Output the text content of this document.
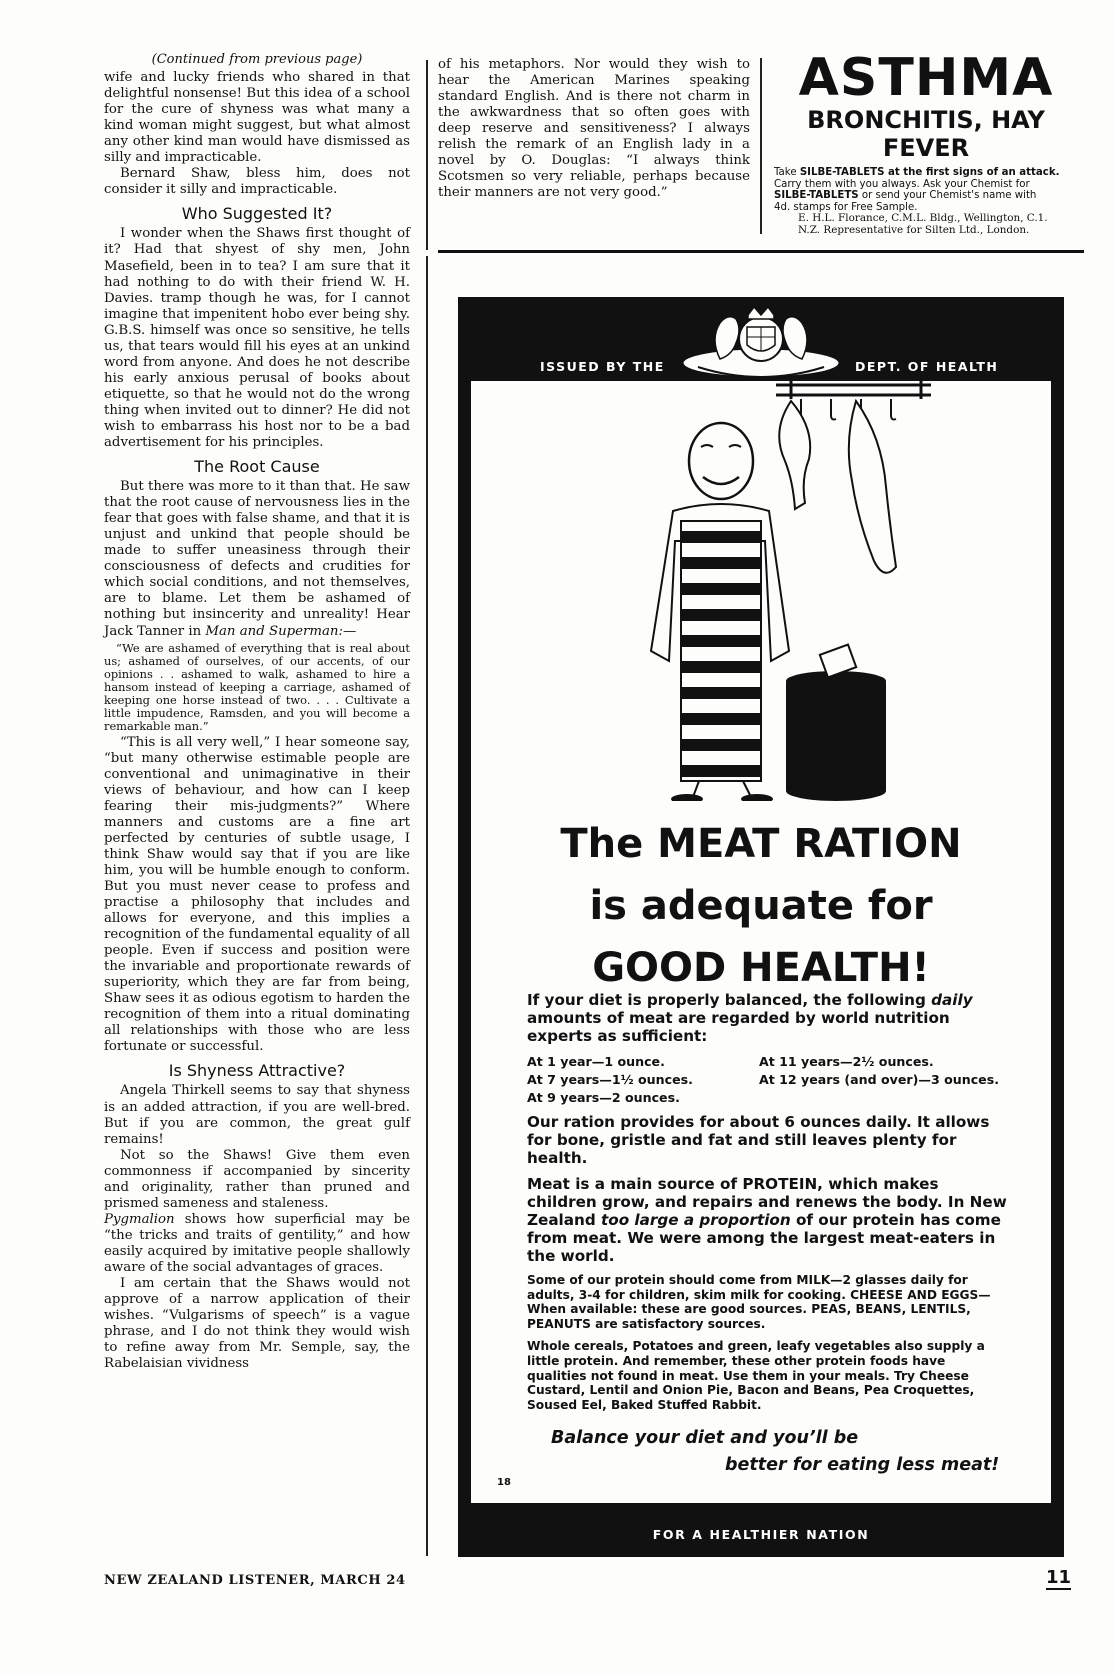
(Continued from previous page)

wife and lucky friends who shared in that delightful nonsense! But this idea of a school for the cure of shyness was what many a kind woman might suggest, but what almost any other kind man would have dismissed as silly and impracticable.

Bernard Shaw, bless him, does not consider it silly and impracticable.

Who Suggested It?

I wonder when the Shaws first thought of it? Had that shyest of shy men, John Masefield, been in to tea? I am sure that it had nothing to do with their friend W. H. Davies. tramp though he was, for I cannot imagine that impenitent hobo ever being shy. G.B.S. himself was once so sensitive, he tells us, that tears would fill his eyes at an unkind word from anyone. And does he not describe his early anxious perusal of books about etiquette, so that he would not do the wrong thing when invited out to dinner? He did not wish to embarrass his host nor to be a bad advertisement for his principles.

The Root Cause

But there was more to it than that. He saw that the root cause of nervousness lies in the fear that goes with false shame, and that it is unjust and unkind that people should be made to suffer uneasiness through their consciousness of defects and crudities for which social conditions, and not themselves, are to blame. Let them be ashamed of nothing but insincerity and unreality! Hear Jack Tanner in Man and Superman:—

“We are ashamed of everything that is real about us; ashamed of ourselves, of our accents, of our opinions . . ashamed to walk, ashamed to hire a hansom instead of keeping a carriage, ashamed of keeping one horse instead of two. . . . Cultivate a little impudence, Ramsden, and you will become a remarkable man.”

“This is all very well,” I hear someone say, “but many otherwise estimable people are conventional and unimaginative in their views of behaviour, and how can I keep fearing their mis-judgments?” Where manners and customs are a fine art perfected by centuries of subtle usage, I think Shaw would say that if you are like him, you will be humble enough to conform. But you must never cease to profess and practise a philosophy that includes and allows for everyone, and this implies a recognition of the fundamental equality of all people. Even if success and position were the invariable and proportionate rewards of superiority, which they are far from being, Shaw sees it as odious egotism to harden the recognition of them into a ritual dominating all relationships with those who are less fortunate or successful.

Is Shyness Attractive?

Angela Thirkell seems to say that shyness is an added attraction, if you are well-bred. But if you are common, the great gulf remains!

Not so the Shaws! Give them even commonness if accompanied by sincerity and originality, rather than pruned and prismed sameness and staleness.

Pygmalion shows how superficial may be “the tricks and traits of gentility,” and how easily acquired by imitative people shallowly aware of the social advantages of graces.

I am certain that the Shaws would not approve of a narrow application of their wishes. “Vulgarisms of speech” is a vague phrase, and I do not think they would wish to refine away from Mr. Semple, say, the Rabelaisian vividness

of his metaphors. Nor would they wish to hear the American Marines speaking standard English. And is there not charm in the awkwardness that so often goes with deep reserve and sensitiveness? I always relish the remark of an English lady in a novel by O. Douglas: “I always think Scotsmen so very reliable, perhaps because their manners are not very good.”

ASTHMA
BRONCHITIS, HAY FEVER
Take SILBE-TABLETS at the first signs of an attack.
Carry them with you always. Ask your Chemist for
SILBE-TABLETS or send your Chemist's name with
4d. stamps for Free Sample.
E. H.L. Florance, C.M.L. Bldg., Wellington, C.1.
N.Z. Representative for Silten Ltd., London.
ISSUED BY THE	DEPT. OF HEALTH
The MEAT RATION
is adequate for
GOOD HEALTH!

If your diet is properly balanced, the following daily amounts of meat are regarded by world nutrition experts as sufficient:

At 1 year—1 ounce.	At 11 years—2½ ounces.
At 7 years—1½ ounces.	At 12 years (and over)—3 ounces.
At 9 years—2 ounces.

Our ration provides for about 6 ounces daily. It allows for bone, gristle and fat and still leaves plenty for health.

Meat is a main source of PROTEIN, which makes children grow, and repairs and renews the body. In New Zealand too large a proportion of our protein has come from meat. We were among the largest meat-eaters in the world.

Some of our protein should come from MILK—2 glasses daily for adults, 3-4 for children, skim milk for cooking. CHEESE AND EGGS—When available: these are good sources. PEAS, BEANS, LENTILS, PEANUTS are satisfactory sources.

Whole cereals, Potatoes and green, leafy vegetables also supply a little protein. And remember, these other protein foods have qualities not found in meat. Use them in your meals. Try Cheese Custard, Lentil and Onion Pie, Bacon and Beans, Pea Croquettes, Soused Eel, Baked Stuffed Rabbit.

Balance your diet and you’ll be
better for eating less meat!
18
FOR A HEALTHIER NATION
NEW ZEALAND LISTENER, MARCH 24	11
